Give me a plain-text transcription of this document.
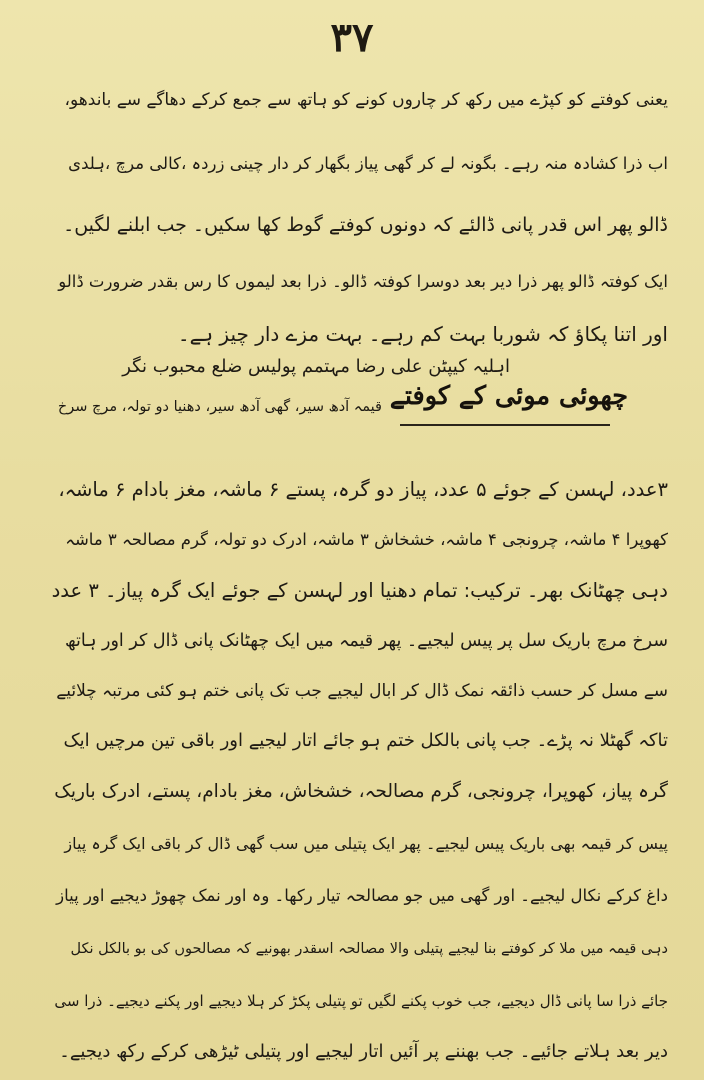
۳۷
یعنی کوفتے کو کپڑے میں رکھ کر چاروں کونے کو ہاتھ سے جمع کرکے دھاگے سے باندھو،
اب ذرا کشادہ منہ رہے۔ بگونہ لے کر گھی پیاز بگھار کر دار چینی زردہ ،کالی مرچ ،ہلدی
ڈالو پھر اس قدر پانی ڈالئے کہ دونوں کوفتے گوط کھا سکیں۔ جب ابلنے لگیں۔
ایک کوفتہ ڈالو پھر ذرا دیر بعد دوسرا کوفتہ ڈالو۔ ذرا بعد لیموں کا رس بقدر ضرورت ڈالو
اور اتنا پکاؤ کہ شوربا بہت کم رہے۔ بہت مزے دار چیز ہے۔
اہلیہ کیپٹن علی رضا مہتمم پولیس ضلع محبوب نگر
چھوئی موئی کے کوفتے
قیمہ آدھ سیر، گھی آدھ سیر، دھنیا دو تولہ، مرچ سرخ
۳عدد، لہسن کے جوئے ۵ عدد، پیاز دو گرہ، پستے ۶ ماشہ، مغز بادام ۶ ماشہ،
کھوپرا ۴ ماشہ، چرونجی ۴ ماشہ، خشخاش ۳ ماشہ، ادرک دو تولہ، گرم مصالحہ ۳ ماشہ
دہی چھٹانک بھر۔ ترکیب: تمام دھنیا اور لہسن کے جوئے ایک گرہ پیاز۔ ۳ عدد
سرخ مرچ باریک سل پر پیس لیجیے۔ پھر قیمہ میں ایک چھٹانک پانی ڈال کر اور ہاتھ
سے مسل کر حسب ذائقہ نمک ڈال کر ابال لیجیے جب تک پانی ختم ہو کئی مرتبہ چلائیے
تاکہ گھٹلا نہ پڑے۔ جب پانی بالکل ختم ہو جائے اتار لیجیے اور باقی تین مرچیں ایک
گرہ پیاز، کھوپرا، چرونجی، گرم مصالحہ، خشخاش، مغز بادام، پستے، ادرک باریک
پیس کر قیمہ بھی باریک پیس لیجیے۔ پھر ایک پتیلی میں سب گھی ڈال کر باقی ایک گرہ پیاز
داغ کرکے نکال لیجیے۔ اور گھی میں جو مصالحہ تیار رکھا۔ وہ اور نمک چھوڑ دیجیے اور پیاز
دہی قیمہ میں ملا کر کوفتے بنا لیجیے پتیلی والا مصالحہ اسقدر بھونیے کہ مصالحوں کی بو بالکل نکل
جائے ذرا سا پانی ڈال دیجیے، جب خوب پکنے لگیں تو پتیلی پکڑ کر ہلا دیجیے اور پکنے دیجیے۔ ذرا سی
دیر بعد ہلاتے جائیے۔ جب بھننے پر آئیں اتار لیجیے اور پتیلی ٹیڑھی کرکے رکھ دیجیے۔
